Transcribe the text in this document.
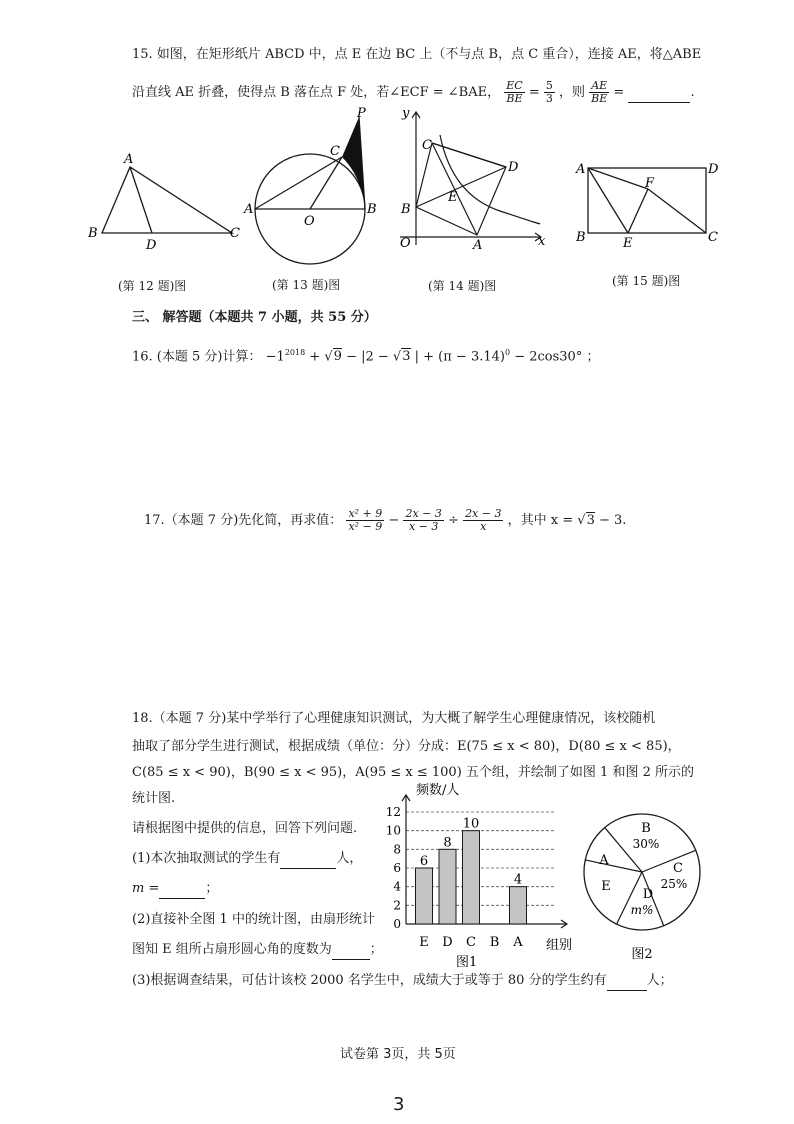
15. 如图，在矩形纸片 ABCD 中，点 E 在边 BC 上（不与点 B，点 C 重合），连接 AE，将△ABE
沿直线 AE 折叠，使得点 B 落在点 F 处，若∠ECF = ∠BAE， $\frac{EC}{BE} = \frac{5}{3}$ ，则 $\frac{AE}{BE}$ =	.
A
B
D
C
A	B
C
O
P	y
x
O	A
B
C
D
E
A	D
B	C
E
F
(第 12 题)图	(第 13 题)图	(第 14 题)图	(第 15 题)图
三、 解答题（本题共 7 小题，共 55 分）
16. (本题 5 分)计算： $-1^{2018} + √9 - |2 - √3$ | + $(\pi - 3.14)^0 - 2\cos 30^\circ$ ；
17.（本题 7 分)先化简，再求值： $\frac{\text{x² + 9}}{\text{x² − 9}} - \frac{2x - 3}{x - 3} \div \frac{2x - 3}{x}$ ，其中 x = √3 − 3.
18.（本题 7 分)某中学举行了心理健康知识测试，为大概了解学生心理健康情况，该校随机
抽取了部分学生进行测试，根据成绩（单位：分）分成：E(75 ≤ x < 80)，D(80 ≤ x < 85)，
C(85 ≤ x < 90)，B(90 ≤ x < 95)，A(95 ≤ x ≤ 100) 五个组，并绘制了如图 1 和图 2 所示的
统计图.
请根据图中提供的信息，回答下列问题.
(1)本次抽取测试的学生有	人，
m =	；
(2)直接补全图 1 中的统计图，由扇形统计
图知 E 组所占扇形圆心角的度数为	；
(3)根据调查结果，可估计该校 2000 名学生中，成绩大于或等于 80 分的学生约有	人；
0
2
4
6
8
10
12
频数/人
组别
6
E
8
D
10
C B
4
A
图1
B
30%
C
25%
D
m%
E
A
图2
试卷第 3页，共 5页
3
